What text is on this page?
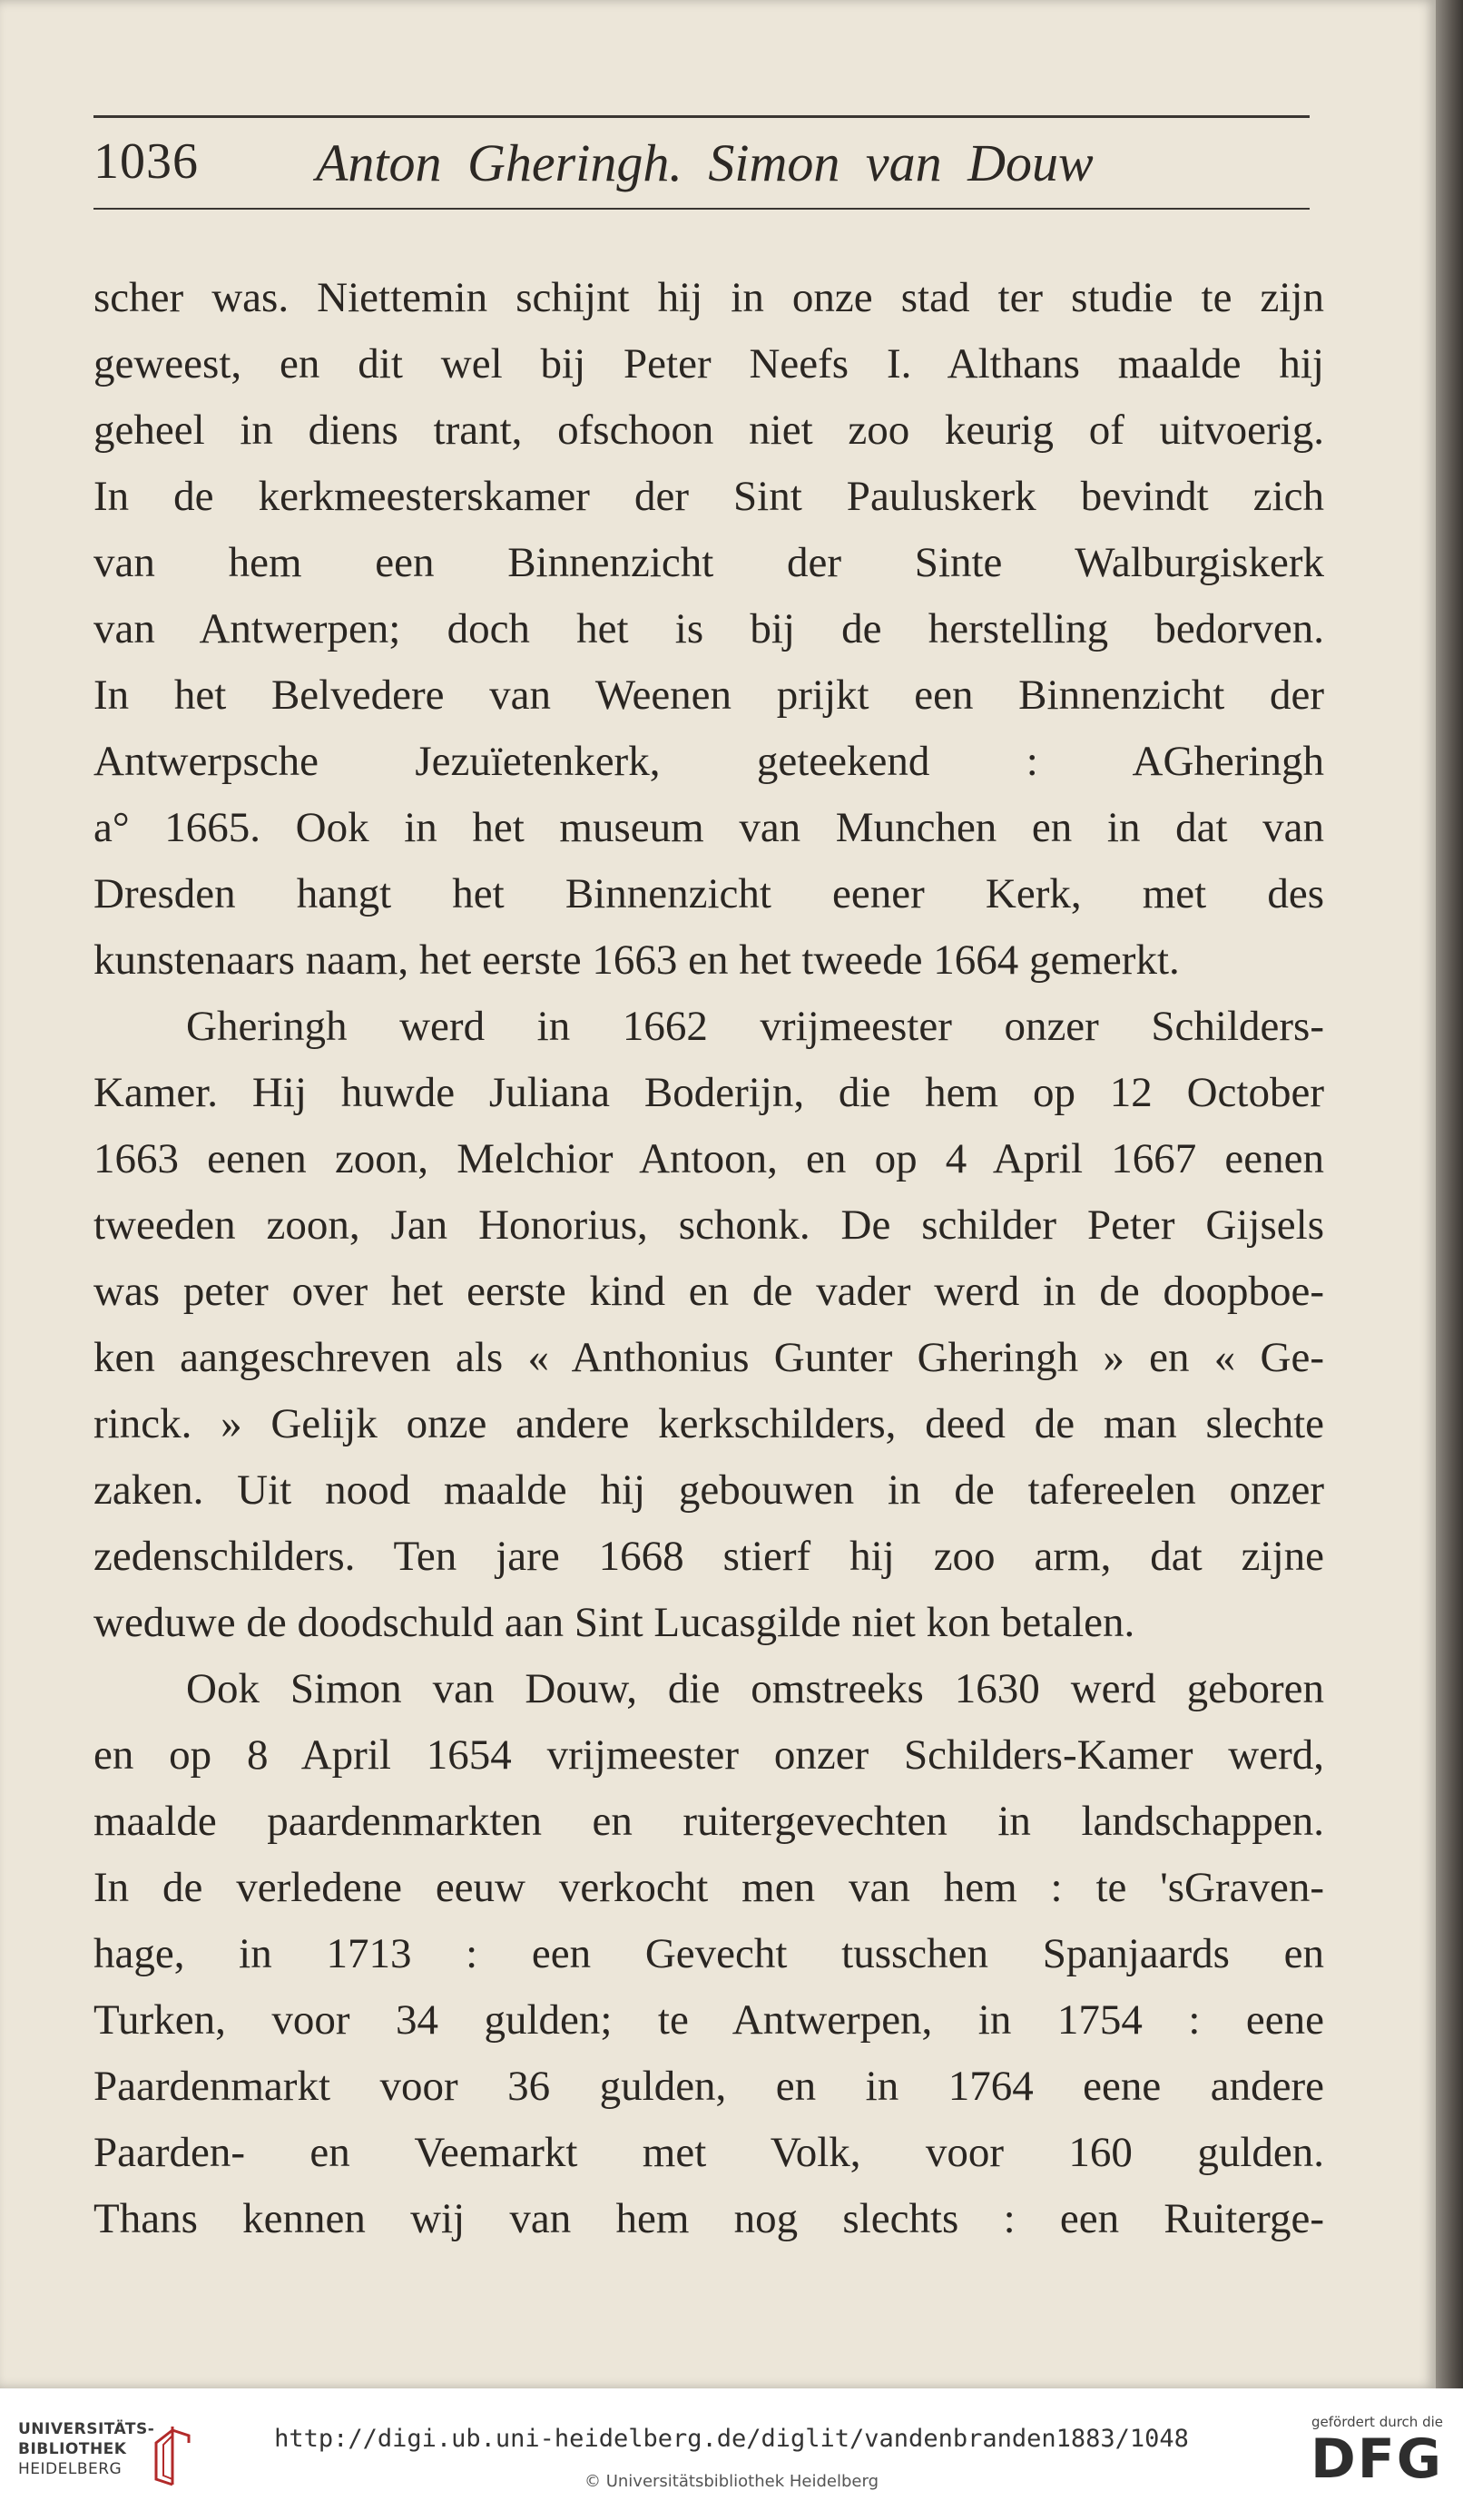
1036 Anton Gheringh. Simon van Douw
scher was. Niettemin schijnt hij in onze stad ter studie te zijn
geweest, en dit wel bij Peter Neefs I. Althans maalde hij
geheel in diens trant, ofschoon niet zoo keurig of uitvoerig.
In de kerkmeesterskamer der Sint Pauluskerk bevindt zich
van hem een Binnenzicht der Sinte Walburgiskerk
van Antwerpen; doch het is bij de herstelling bedorven.
In het Belvedere van Weenen prijkt een Binnenzicht der
Antwerpsche Jezuïetenkerk, geteekend : AGheringh
a° 1665. Ook in het museum van Munchen en in dat van
Dresden hangt het Binnenzicht eener Kerk, met des
kunstenaars naam, het eerste 1663 en het tweede 1664 gemerkt.
Gheringh werd in 1662 vrijmeester onzer Schilders-
Kamer. Hij huwde Juliana Boderijn, die hem op 12 October
1663 eenen zoon, Melchior Antoon, en op 4 April 1667 eenen
tweeden zoon, Jan Honorius, schonk. De schilder Peter Gijsels
was peter over het eerste kind en de vader werd in de doopboe-
ken aangeschreven als « Anthonius Gunter Gheringh » en « Ge-
rinck. » Gelijk onze andere kerkschilders, deed de man slechte
zaken. Uit nood maalde hij gebouwen in de tafereelen onzer
zedenschilders. Ten jare 1668 stierf hij zoo arm, dat zijne
weduwe de doodschuld aan Sint Lucasgilde niet kon betalen.
Ook Simon van Douw, die omstreeks 1630 werd geboren
en op 8 April 1654 vrijmeester onzer Schilders-Kamer werd,
maalde paardenmarkten en ruitergevechten in landschappen.
In de verledene eeuw verkocht men van hem : te 'sGraven-
hage, in 1713 : een Gevecht tusschen Spanjaards en
Turken, voor 34 gulden; te Antwerpen, in 1754 : eene
Paardenmarkt voor 36 gulden, en in 1764 eene andere
Paarden- en Veemarkt met Volk, voor 160 gulden.
Thans kennen wij van hem nog slechts : een Ruiterge-
UNIVERSITÄTS-
BIBLIOTHEK
HEIDELBERG
http://digi.ub.uni-heidelberg.de/diglit/vandenbranden1883/1048
© Universitätsbibliothek Heidelberg
gefördert durch die
DFG
